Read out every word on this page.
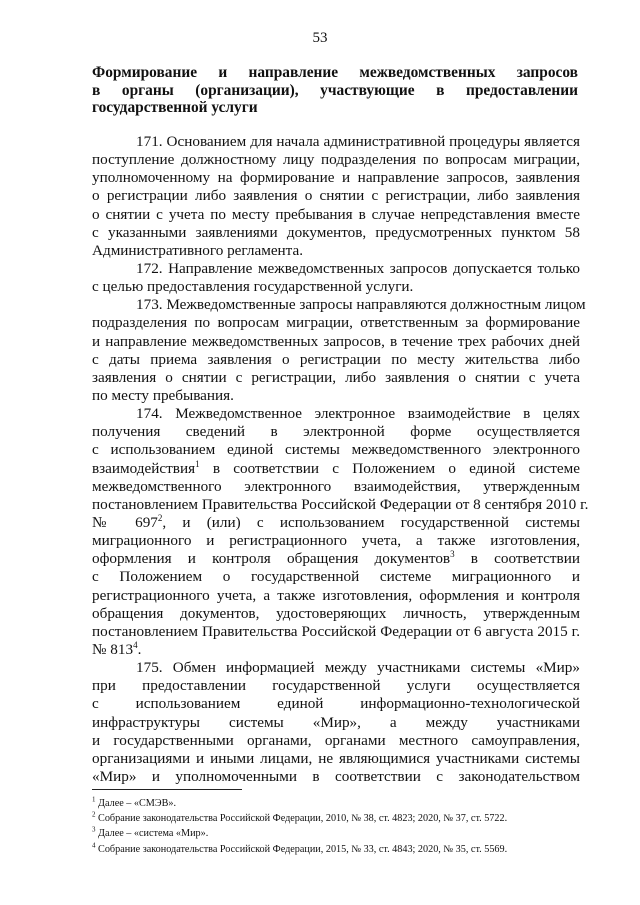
53
Формирование и направление межведомственных запросов
в органы (организации), участвующие в предоставлении
государственной услуги
171. Основанием для начала административной процедуры является
поступление должностному лицу подразделения по вопросам миграции,
уполномоченному на формирование и направление запросов, заявления
о регистрации либо заявления о снятии с регистрации, либо заявления
о снятии с учета по месту пребывания в случае непредставления вместе
с указанными заявлениями документов, предусмотренных пунктом 58
Административного регламента.
172. Направление межведомственных запросов допускается только
с целью предоставления государственной услуги.
173. Межведомственные запросы направляются должностным лицом
подразделения по вопросам миграции, ответственным за формирование
и направление межведомственных запросов, в течение трех рабочих дней
с даты приема заявления о регистрации по месту жительства либо
заявления о снятии с регистрации, либо заявления о снятии с учета
по месту пребывания.
174. Межведомственное электронное взаимодействие в целях
получения сведений в электронной форме осуществляется
с использованием единой системы межведомственного электронного
взаимодействия$^1$ в соответствии с Положением о единой системе
межведомственного электронного взаимодействия, утвержденным
постановлением Правительства Российской Федерации от 8 сентября 2010 г.
№ $697^2$, и (или) с использованием государственной системы
миграционного и регистрационного учета, а также изготовления,
оформления и контроля обращения документов$^3$ в соответствии
с Положением о государственной системе миграционного и
регистрационного учета, а также изготовления, оформления и контроля
обращения документов, удостоверяющих личность, утвержденным
постановлением Правительства Российской Федерации от 6 августа 2015 г.
№ $813^4$.
175. Обмен информацией между участниками системы «Мир»
при предоставлении государственной услуги осуществляется
с использованием единой информационно-технологической
инфраструктуры системы «Мир», а между участниками
и государственными органами, органами местного самоуправления,
организациями и иными лицами, не являющимися участниками системы
«Мир» и уполномоченными в соответствии с законодательством
$^1$ Далее – «СМЭВ».
$^2$ Собрание законодательства Российской Федерации, 2010, № 38, ст. 4823; 2020, № 37, ст. 5722.
$^3$ Далее – «система «Мир».
$^4$ Собрание законодательства Российской Федерации, 2015, № 33, ст. 4843; 2020, № 35, ст. 5569.
